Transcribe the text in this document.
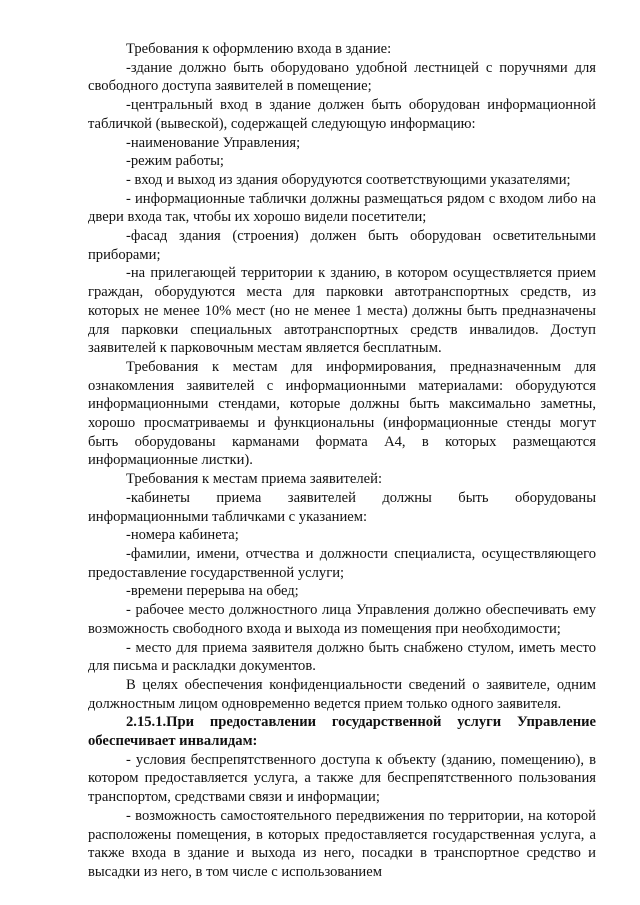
Требования к оформлению входа в здание:

-здание должно быть оборудовано удобной лестницей с поручнями для свободного доступа заявителей в помещение;

-центральный вход в здание должен быть оборудован информационной табличкой (вывеской), содержащей следующую информацию:

-наименование Управления;

-режим работы;

- вход и выход из здания оборудуются соответствующими указателями;

- информационные таблички должны размещаться рядом с входом либо на двери входа так, чтобы их хорошо видели посетители;

-фасад здания (строения) должен быть оборудован осветительными приборами;

-на прилегающей территории к зданию, в котором осуществляется прием граждан, оборудуются места для парковки автотранспортных средств, из которых не менее 10% мест (но не менее 1 места) должны быть предназначены для парковки специальных автотранспортных средств инвалидов. Доступ заявителей к парковочным местам является бесплатным.

Требования к местам для информирования, предназначенным для ознакомления заявителей с информационными материалами: оборудуются информационными стендами, которые должны быть максимально заметны, хорошо просматриваемы и функциональны (информационные стенды могут быть оборудованы карманами формата А4, в которых размещаются информационные листки).

Требования к местам приема заявителей:

-кабинеты приема заявителей должны быть оборудованы информационными табличками с указанием:

-номера кабинета;

-фамилии, имени, отчества и должности специалиста, осуществляющего предоставление государственной услуги;

-времени перерыва на обед;

- рабочее место должностного лица Управления должно обеспечивать ему возможность свободного входа и выхода из помещения при необходимости;

- место для приема заявителя должно быть снабжено стулом, иметь место для письма и раскладки документов.

В целях обеспечения конфиденциальности сведений о заявителе, одним должностным лицом одновременно ведется прием только одного заявителя.

2.15.1.При предоставлении государственной услуги Управление обеспечивает инвалидам:

- условия беспрепятственного доступа к объекту (зданию, помещению), в котором предоставляется услуга, а также для беспрепятственного пользования транспортом, средствами связи и информации;

- возможность самостоятельного передвижения по территории, на которой расположены помещения, в которых предоставляется государственная услуга, а также входа в здание и выхода из него, посадки в транспортное средство и высадки из него, в том числе с использованием
